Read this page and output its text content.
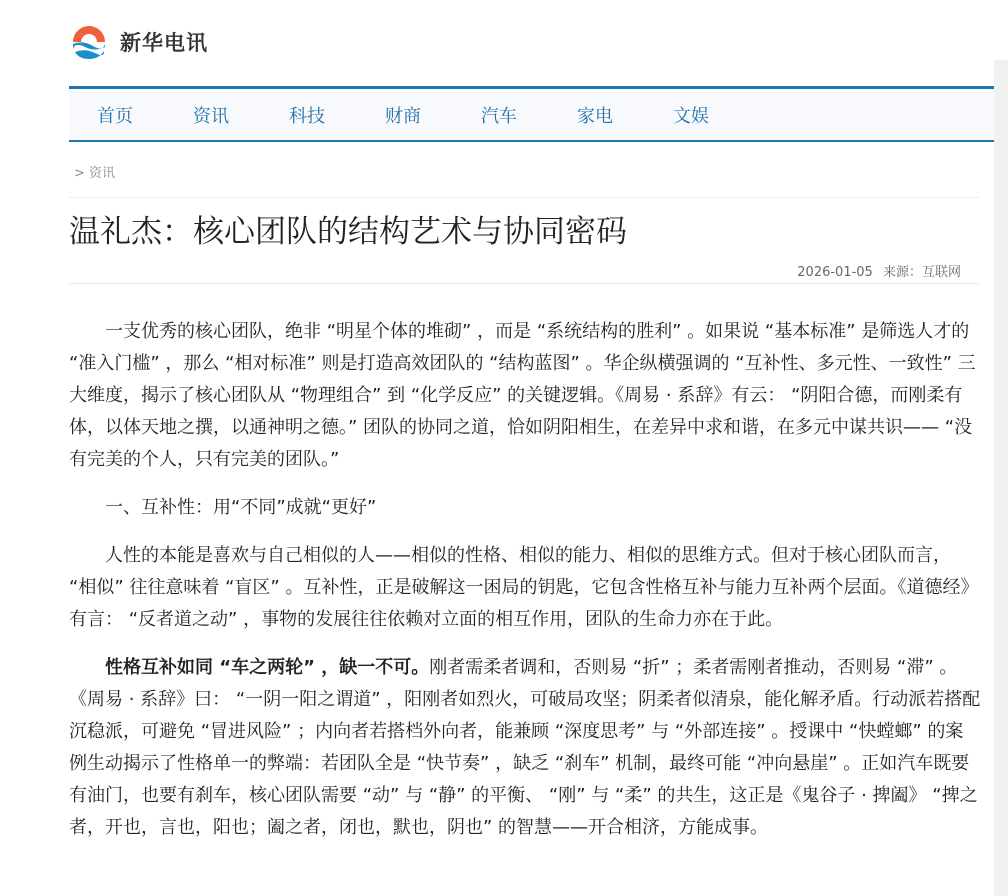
新华电讯
首页	资讯	科技	财商	汽车	家电	文娱
> 资讯
温礼杰：核心团队的结构艺术与协同密码
2026-01-05 来源：互联网

一支优秀的核心团队，绝非 “明星个体的堆砌” ，而是 “系统结构的胜利” 。如果说 “基本标准” 是筛选人才的 “准入门槛” ，那么 “相对标准” 则是打造高效团队的 “结构蓝图” 。华企纵横强调的 “互补性、多元性、一致性” 三大维度，揭示了核心团队从 “物理组合” 到 “化学反应” 的关键逻辑。《周易 · 系辞》有云： “阴阳合德，而刚柔有体，以体天地之撰，以通神明之德。” 团队的协同之道，恰如阴阳相生，在差异中求和谐，在多元中谋共识—— “没有完美的个人，只有完美的团队。”

一、互补性：用“不同”成就“更好”

人性的本能是喜欢与自己相似的人——相似的性格、相似的能力、相似的思维方式。但对于核心团队而言， “相似” 往往意味着 “盲区” 。互补性，正是破解这一困局的钥匙，它包含性格互补与能力互补两个层面。《道德经》有言： “反者道之动” ，事物的发展往往依赖对立面的相互作用，团队的生命力亦在于此。

性格互补如同 “车之两轮” ，缺一不可。刚者需柔者调和，否则易 “折” ；柔者需刚者推动，否则易 “滞” 。《周易 · 系辞》曰： “一阴一阳之谓道” ，阳刚者如烈火，可破局攻坚；阴柔者似清泉，能化解矛盾。行动派若搭配沉稳派，可避免 “冒进风险” ；内向者若搭档外向者，能兼顾 “深度思考” 与 “外部连接” 。授课中 “快螳螂” 的案例生动揭示了性格单一的弊端：若团队全是 “快节奏” ，缺乏 “刹车” 机制，最终可能 “冲向悬崖” 。正如汽车既要有油门，也要有刹车，核心团队需要 “动” 与 “静” 的平衡、 “刚” 与 “柔” 的共生，这正是《鬼谷子 · 捭阖》 “捭之者，开也，言也，阳也；阖之者，闭也，默也，阴也” 的智慧——开合相济，方能成事。
